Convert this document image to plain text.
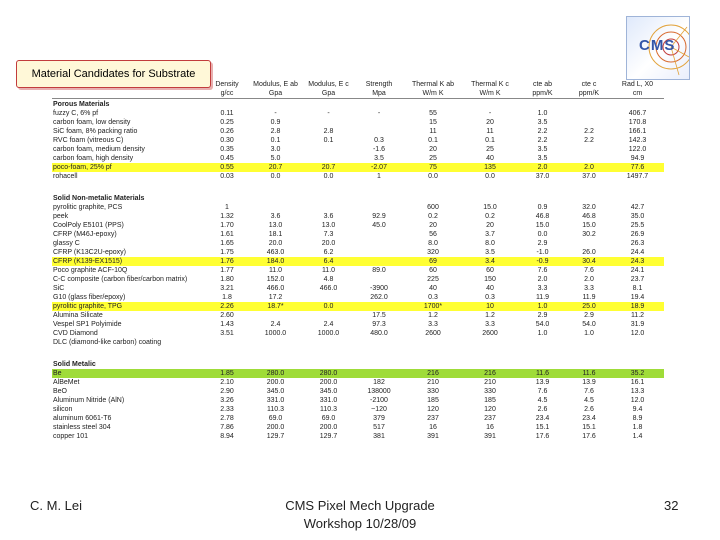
Material Candidates for Substrate
CMS
	Density	Modulus, E ab	Modulus, E c	Strength	Thermal K ab	Thermal K c	cte ab	cte c	Rad L, X0
	g/cc	Gpa	Gpa	Mpa	W/m K	W/m K	ppm/K	ppm/K	cm
Porous Materials									
fuzzy C, 6% pf	0.11	-	-	-	55	-	1.0		406.7
carbon foam, low density	0.25	0.9			15	20	3.5		170.8
SiC foam, 8% packing ratio	0.26	2.8	2.8		11	11	2.2	2.2	166.1
RVC foam (vitreous C)	0.30	0.1	0.1	0.3	0.1	0.1	2.2	2.2	142.3
carbon foam, medium density	0.35	3.0		-1.6	20	25	3.5		122.0
carbon foam, high density	0.45	5.0		3.5	25	40	3.5		94.9
poco-foam, 25% pf	0.55	20.7	20.7	-2.07	75	135	2.0	2.0	77.6
rohacell	0.03	0.0	0.0	1	0.0	0.0	37.0	37.0	1497.7

Solid Non-metalic Materials									
pyrolitic graphite, PCS	1				600	15.0	0.9	32.0	42.7
peek	1.32	3.6	3.6	92.9	0.2	0.2	46.8	46.8	35.0
CoolPoly E5101 (PPS)	1.70	13.0	13.0	45.0	20	20	15.0	15.0	25.5
CFRP (M46J-epoxy)	1.61	18.1	7.3		56	3.7	0.0	30.2	26.9
glassy C	1.65	20.0	20.0		8.0	8.0	2.9		26.3
CFRP (K13C2U-epoxy)	1.75	463.0	6.2		320	3.5	-1.0	26.0	24.4
CFRP (K139-EX1515)	1.76	184.0	6.4		69	3.4	-0.9	30.4	24.3
Poco graphite ACF-10Q	1.77	11.0	11.0	89.0	60	60	7.6	7.6	24.1
C-C composite (carbon fiber/carbon matrix)	1.80	152.0	4.8		225	150	2.0	2.0	23.7
SiC	3.21	466.0	466.0	-3900	40	40	3.3	3.3	8.1
G10 (glass fiber/epoxy)	1.8	17.2		262.0	0.3	0.3	11.9	11.9	19.4
pyrolitic graphite, TPG	2.26	18.7*	0.0		1700*	10	1.0	25.0	18.9
Alumina Silicate	2.60			17.5	1.2	1.2	2.9	2.9	11.2
Vespel SP1 Polyimide	1.43	2.4	2.4	97.3	3.3	3.3	54.0	54.0	31.9
CVD Diamond	3.51	1000.0	1000.0	480.0	2600	2600	1.0	1.0	12.0
DLC (diamond-like carbon) coating									

Solid Metalic									
Be	1.85	280.0	280.0		216	216	11.6	11.6	35.2
AlBeMet	2.10	200.0	200.0	182	210	210	13.9	13.9	16.1
BeO	2.90	345.0	345.0	138000	330	330	7.6	7.6	13.3
Aluminum Nitride (AlN)	3.26	331.0	331.0	-2100	185	185	4.5	4.5	12.0
silicon	2.33	110.3	110.3	~120	120	120	2.6	2.6	9.4
aluminum 6061-T6	2.78	69.0	69.0	379	237	237	23.4	23.4	8.9
stainless steel 304	7.86	200.0	200.0	517	16	16	15.1	15.1	1.8
copper 101	8.94	129.7	129.7	381	391	391	17.6	17.6	1.4
C. M. Lei	CMS Pixel Mech Upgrade
Workshop 10/28/09
32
